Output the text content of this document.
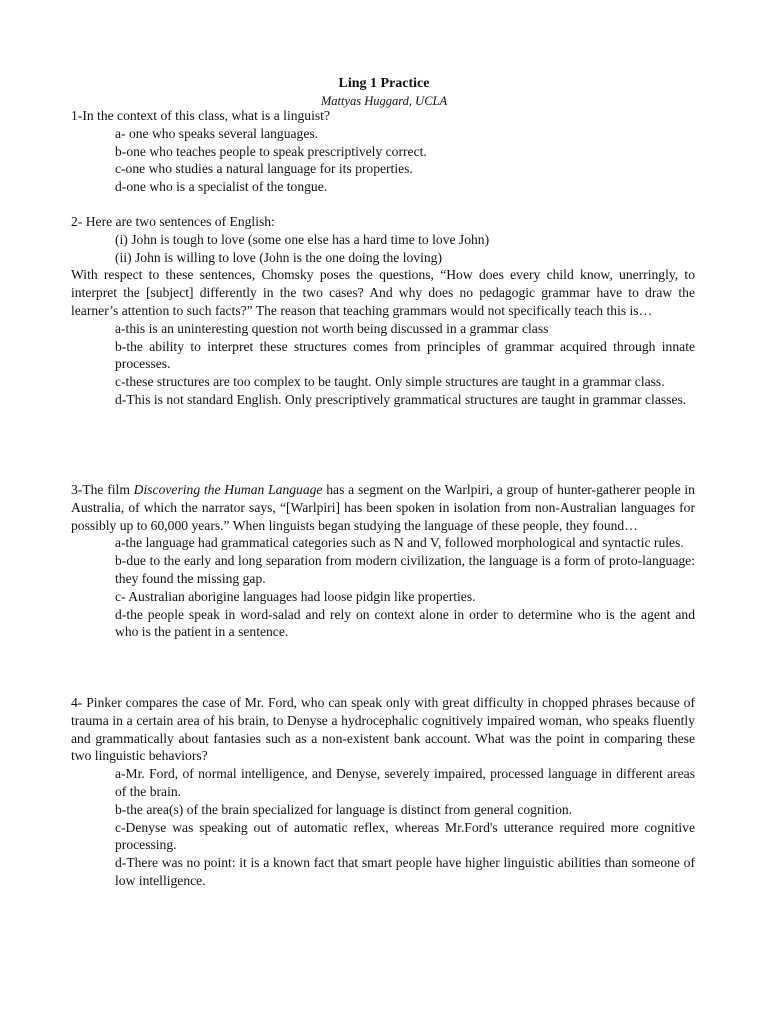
Ling 1 Practice
Mattyas Huggard, UCLA
1-In the context of this class, what is a linguist?
a- one who speaks several languages.
b-one who teaches people to speak prescriptively correct.
c-one who studies a natural language for its properties.
d-one who is a specialist of the tongue.
2- Here are two sentences of English:
(i) John is tough to love (some one else has a hard time to love John)
(ii) John is willing to love (John is the one doing the loving)
With respect to these sentences, Chomsky poses the questions, “How does every child know, unerringly, to interpret the [subject] differently in the two cases? And why does no pedagogic grammar have to draw the learner’s attention to such facts?” The reason that teaching grammars would not specifically teach this is…
a-this is an uninteresting question not worth being discussed in a grammar class
b-the ability to interpret these structures comes from principles of grammar acquired through innate processes.
c-these structures are too complex to be taught. Only simple structures are taught in a grammar class.
d-This is not standard English. Only prescriptively grammatical structures are taught in grammar classes.
3-The film Discovering the Human Language has a segment on the Warlpiri, a group of hunter-gatherer people in Australia, of which the narrator says, “[Warlpiri] has been spoken in isolation from non-Australian languages for possibly up to 60,000 years.” When linguists began studying the language of these people, they found…
a-the language had grammatical categories such as N and V, followed morphological and syntactic rules.
b-due to the early and long separation from modern civilization, the language is a form of proto-language: they found the missing gap.
c- Australian aborigine languages had loose pidgin like properties.
d-the people speak in word-salad and rely on context alone in order to determine who is the agent and who is the patient in a sentence.
4- Pinker compares the case of Mr. Ford, who can speak only with great difficulty in chopped phrases because of trauma in a certain area of his brain, to Denyse a hydrocephalic cognitively impaired woman, who speaks fluently and grammatically about fantasies such as a non-existent bank account. What was the point in comparing these two linguistic behaviors?
a-Mr. Ford, of normal intelligence, and Denyse, severely impaired, processed language in different areas of the brain.
b-the area(s) of the brain specialized for language is distinct from general cognition.
c-Denyse was speaking out of automatic reflex, whereas Mr.Ford's utterance required more cognitive processing.
d-There was no point: it is a known fact that smart people have higher linguistic abilities than someone of low intelligence.
